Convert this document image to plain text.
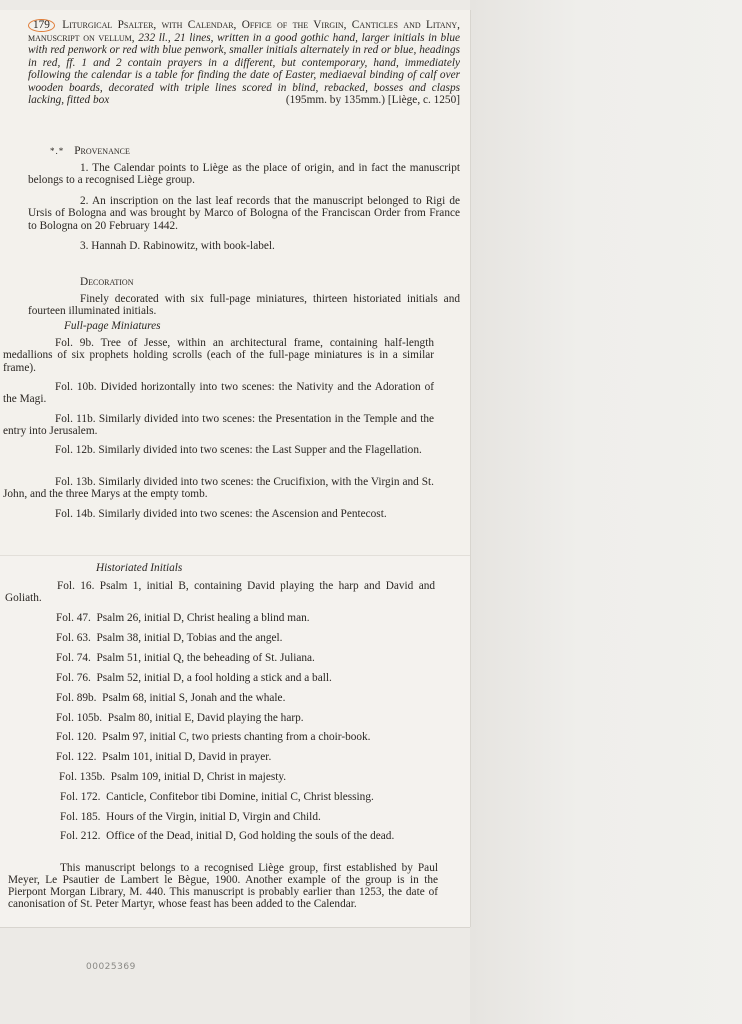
179 Liturgical Psalter, with Calendar, Office of the Virgin, Canticles and Litany, manuscript on vellum, 232 ll., 21 lines, written in a good gothic hand, larger initials in blue with red penwork or red with blue penwork, smaller initials alternately in red or blue, headings in red, ff. 1 and 2 contain prayers in a different, but contemporary, hand, immediately following the calendar is a table for finding the date of Easter, mediaeval binding of calf over wooden boards, decorated with triple lines scored in blind, rebacked, bosses and clasps lacking, fitted box	(195mm. by 135mm.) [Liège, c. 1250]

*.* Provenance

1. The Calendar points to Liège as the place of origin, and in fact the manuscript belongs to a recognised Liège group.

2. An inscription on the last leaf records that the manuscript belonged to Rigi de Ursis of Bologna and was brought by Marco of Bologna of the Franciscan Order from France to Bologna on 20 February 1442.

3. Hannah D. Rabinowitz, with book-label.

Decoration

Finely decorated with six full-page miniatures, thirteen historiated initials and fourteen illuminated initials.

Full-page Miniatures

Fol. 9b. Tree of Jesse, within an architectural frame, containing half-length medallions of six prophets holding scrolls (each of the full-page miniatures is in a similar frame).

Fol. 10b. Divided horizontally into two scenes: the Nativity and the Adoration of the Magi.

Fol. 11b. Similarly divided into two scenes: the Presentation in the Temple and the entry into Jerusalem.

Fol. 12b. Similarly divided into two scenes: the Last Supper and the Flagellation.

Fol. 13b. Similarly divided into two scenes: the Crucifixion, with the Virgin and St. John, and the three Marys at the empty tomb.

Fol. 14b. Similarly divided into two scenes: the Ascension and Pentecost.

Historiated Initials

Fol. 16. Psalm 1, initial B, containing David playing the harp and David and Goliath.

Fol. 47. Psalm 26, initial D, Christ healing a blind man.
Fol. 63. Psalm 38, initial D, Tobias and the angel.
Fol. 74. Psalm 51, initial Q, the beheading of St. Juliana.
Fol. 76. Psalm 52, initial D, a fool holding a stick and a ball.
Fol. 89b. Psalm 68, initial S, Jonah and the whale.
Fol. 105b. Psalm 80, initial E, David playing the harp.
Fol. 120. Psalm 97, initial C, two priests chanting from a choir-book.
Fol. 122. Psalm 101, initial D, David in prayer.
Fol. 135b. Psalm 109, initial D, Christ in majesty.
Fol. 172. Canticle, Confitebor tibi Domine, initial C, Christ blessing.
Fol. 185. Hours of the Virgin, initial D, Virgin and Child.

Fol. 212. Office of the Dead, initial D, God holding the souls of the dead.

This manuscript belongs to a recognised Liège group, first established by Paul Meyer, Le Psautier de Lambert le Bègue, 1900. Another example of the group is in the Pierpont Morgan Library, M. 440. This manuscript is probably earlier than 1253, the date of canonisation of St. Peter Martyr, whose feast has been added to the Calendar.

00025369
